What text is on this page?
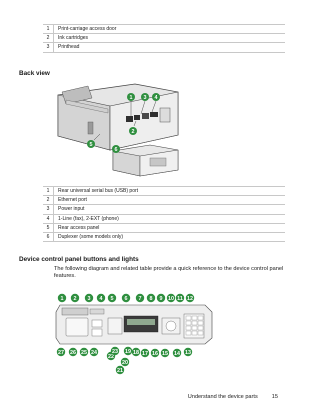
1	Print-carriage access door
2	Ink cartridges
3	Printhead
Back view
1 3 4
2
5
6
1	Rear universal serial bus (USB) port
2	Ethernet port
3	Power input
4	1-Line (fax), 2-EXT (phone)
5	Rear access panel
6	Duplexer (some models only)
Device control panel buttons and lights
The following diagram and related table provide a quick reference to the device control panel features.
1 2 3 4 5 6 7 8 9 10 11 12
13
14
15
16
17
18
19
20
21
22
23
24
25
26
27
Understand the device parts	15
